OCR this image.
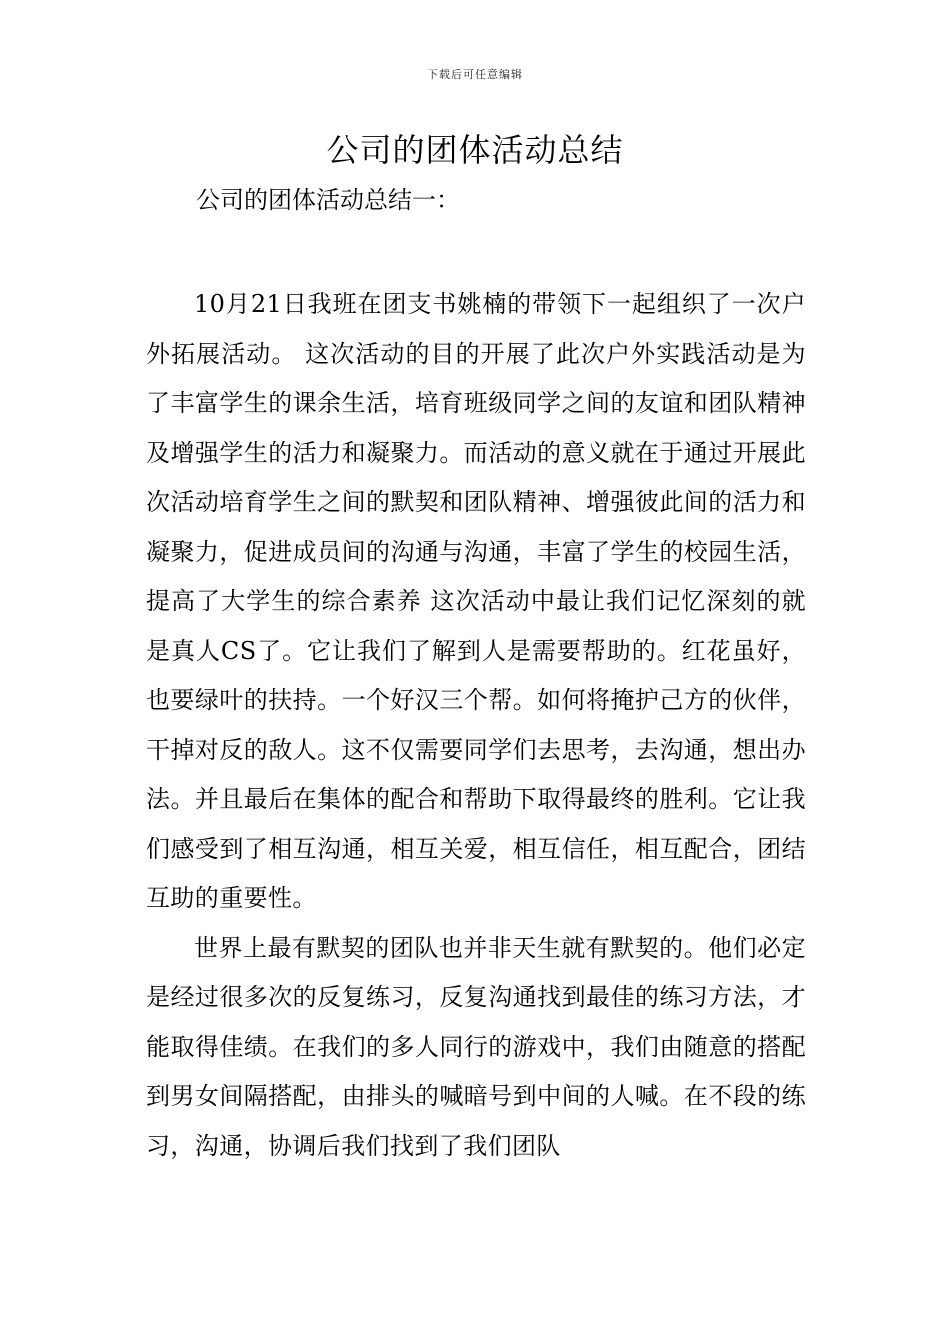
下载后可任意编辑
公司的团体活动总结

公司的团体活动总结一：

10月21日我班在团支书姚楠的带领下一起组织了一次户外拓展活动。 这次活动的目的开展了此次户外实践活动是为了丰富学生的课余生活，培育班级同学之间的友谊和团队精神及增强学生的活力和凝聚力。而活动的意义就在于通过开展此次活动培育学生之间的默契和团队精神、增强彼此间的活力和凝聚力，促进成员间的沟通与沟通，丰富了学生的校园生活，提高了大学生的综合素养 这次活动中最让我们记忆深刻的就是真人CS了。它让我们了解到人是需要帮助的。红花虽好，也要绿叶的扶持。一个好汉三个帮。如何将掩护己方的伙伴，干掉对反的敌人。这不仅需要同学们去思考，去沟通，想出办法。并且最后在集体的配合和帮助下取得最终的胜利。它让我们感受到了相互沟通，相互关爱，相互信任，相互配合，团结互助的重要性。

世界上最有默契的团队也并非天生就有默契的。他们必定是经过很多次的反复练习，反复沟通找到最佳的练习方法，才能取得佳绩。在我们的多人同行的游戏中，我们由随意的搭配到男女间隔搭配，由排头的喊暗号到中间的人喊。在不段的练习，沟通，协调后我们找到了我们团队
